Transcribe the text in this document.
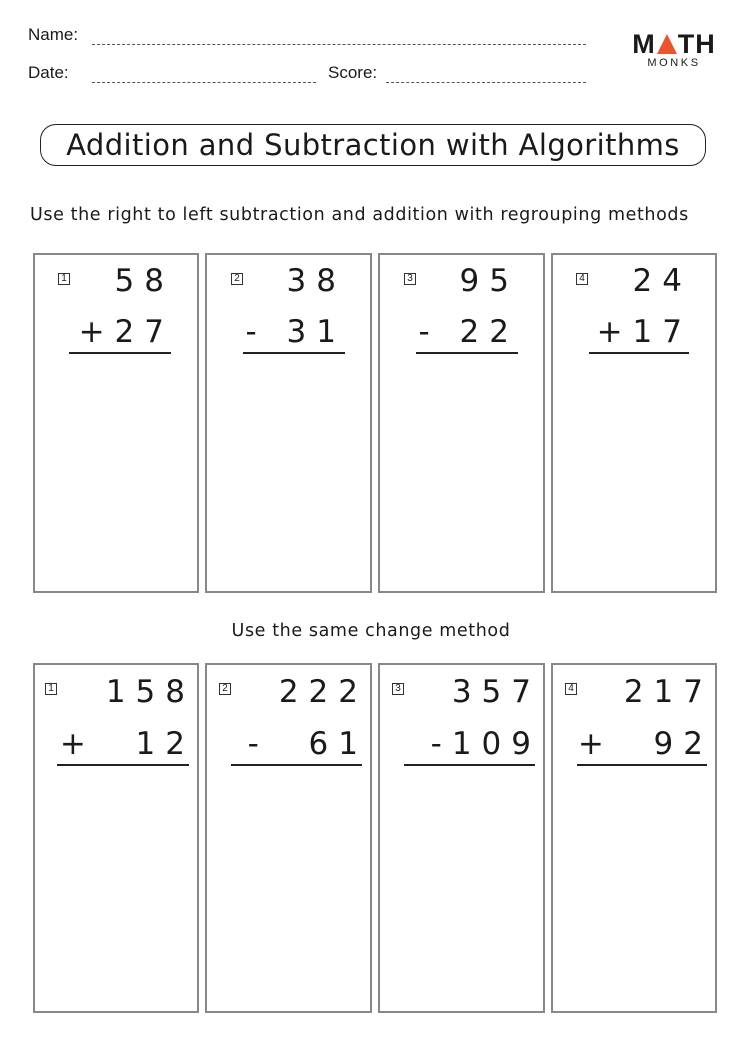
Name:
Date:	Score:
M TH
MONKS
Addition and Subtraction with Algorithms
Use the right to left subtraction and addition with regrouping methods
1 58
+27
2 38
- 31
3 95
- 22
4 24
+17
Use the same change method
1 158
+  12
2 222
-  61
3 357
-109
4 217
+  92
